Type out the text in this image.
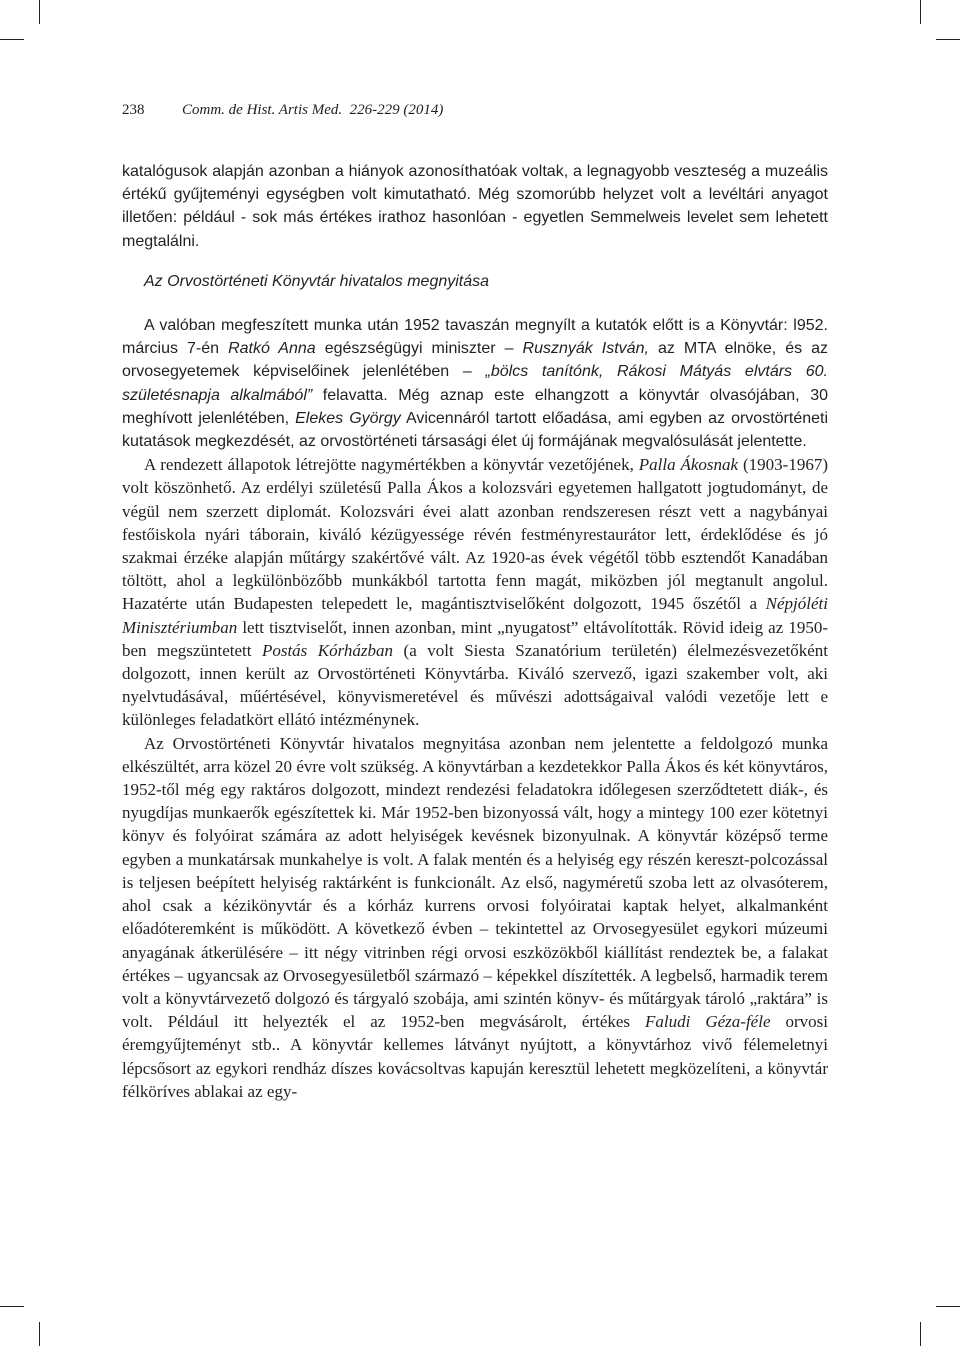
238	Comm. de Hist. Artis Med. 226-229 (2014)

katalógusok alapján azonban a hiányok azonosíthatóak voltak, a legnagyobb veszteség a muzeális értékű gyűjteményi egységben volt kimutatható. Még szomorúbb helyzet volt a levéltári anyagot illetően: például - sok más értékes irathoz hasonlóan - egyetlen Semmelweis levelet sem lehetett megtalálni.

Az Orvostörténeti Könyvtár hivatalos megnyitása

A valóban megfeszített munka után 1952 tavaszán megnyílt a kutatók előtt is a Könyvtár: l952. március 7-én Ratkó Anna egészségügyi miniszter – Rusznyák István, az MTA elnöke, és az orvosegyetemek képviselőinek jelenlétében – „bölcs tanítónk, Rákosi Mátyás elvtárs 60. születésnapja alkalmából” felavatta. Még aznap este elhangzott a könyvtár olvasójában, 30 meghívott jelenlétében, Elekes György Avicennáról tartott előadása, ami egyben az orvostörténeti kutatások megkezdését, az orvostörténeti társasági élet új formájának megvalósulását jelentette.

A rendezett állapotok létrejötte nagymértékben a könyvtár vezetőjének, Palla Ákosnak (1903-1967) volt köszönhető. Az erdélyi születésű Palla Ákos a kolozsvári egyetemen hallgatott jogtudományt, de végül nem szerzett diplomát. Kolozsvári évei alatt azonban rendszeresen részt vett a nagybányai festőiskola nyári táborain, kiváló kézügyessége révén festményrestaurátor lett, érdeklődése és jó szakmai érzéke alapján műtárgy szakértővé vált. Az 1920-as évek végétől több esztendőt Kanadában töltött, ahol a legkülönbözőbb munkákból tartotta fenn magát, miközben jól megtanult angolul. Hazatérte után Budapesten telepedett le, magántisztviselőként dolgozott, 1945 őszétől a Népjóléti Minisztériumban lett tisztviselőt, innen azonban, mint „nyugatost” eltávolították. Rövid ideig az 1950-ben megszüntetett Postás Kórházban (a volt Siesta Szanatórium területén) élelmezésvezetőként dolgozott, innen került az Orvostörténeti Könyvtárba. Kiváló szervező, igazi szakember volt, aki nyelvtudásával, műértésével, könyvismeretével és művészi adottságaival valódi vezetője lett e különleges feladatkört ellátó intézménynek.

Az Orvostörténeti Könyvtár hivatalos megnyitása azonban nem jelentette a feldolgozó munka elkészültét, arra közel 20 évre volt szükség. A könyvtárban a kezdetekkor Palla Ákos és két könyvtáros, 1952-től még egy raktáros dolgozott, mindezt rendezési feladatokra időlegesen szerződtetett diák-, és nyugdíjas munkaerők egészítettek ki. Már 1952-ben bizonyossá vált, hogy a mintegy 100 ezer kötetnyi könyv és folyóirat számára az adott helyiségek kevésnek bizonyulnak. A könyvtár középső terme egyben a munkatársak munkahelye is volt. A falak mentén és a helyiség egy részén kereszt-polcozással is teljesen beépített helyiség raktárként is funkcionált. Az első, nagyméretű szoba lett az olvasóterem, ahol csak a kézikönyvtár és a kórház kurrens orvosi folyóiratai kaptak helyet, alkalmanként előadóteremként is működött. A következő évben – tekintettel az Orvosegyesület egykori múzeumi anyagának átkerülésére – itt négy vitrinben régi orvosi eszközökből kiállítást rendeztek be, a falakat értékes – ugyancsak az Orvosegyesületből származó – képekkel díszítették. A legbelső, harmadik terem volt a könyvtárvezető dolgozó és tárgyaló szobája, ami szintén könyv- és műtárgyak tároló „raktára” is volt. Például itt helyezték el az 1952-ben megvásárolt, értékes Faludi Géza-féle orvosi éremgyűjteményt stb.. A könyvtár kellemes látványt nyújtott, a könyvtárhoz vivő félemeletnyi lépcsősort az egykori rendház díszes kovácsoltvas kapuján keresztül lehetett megközelíteni, a könyvtár félköríves ablakai az egy-
